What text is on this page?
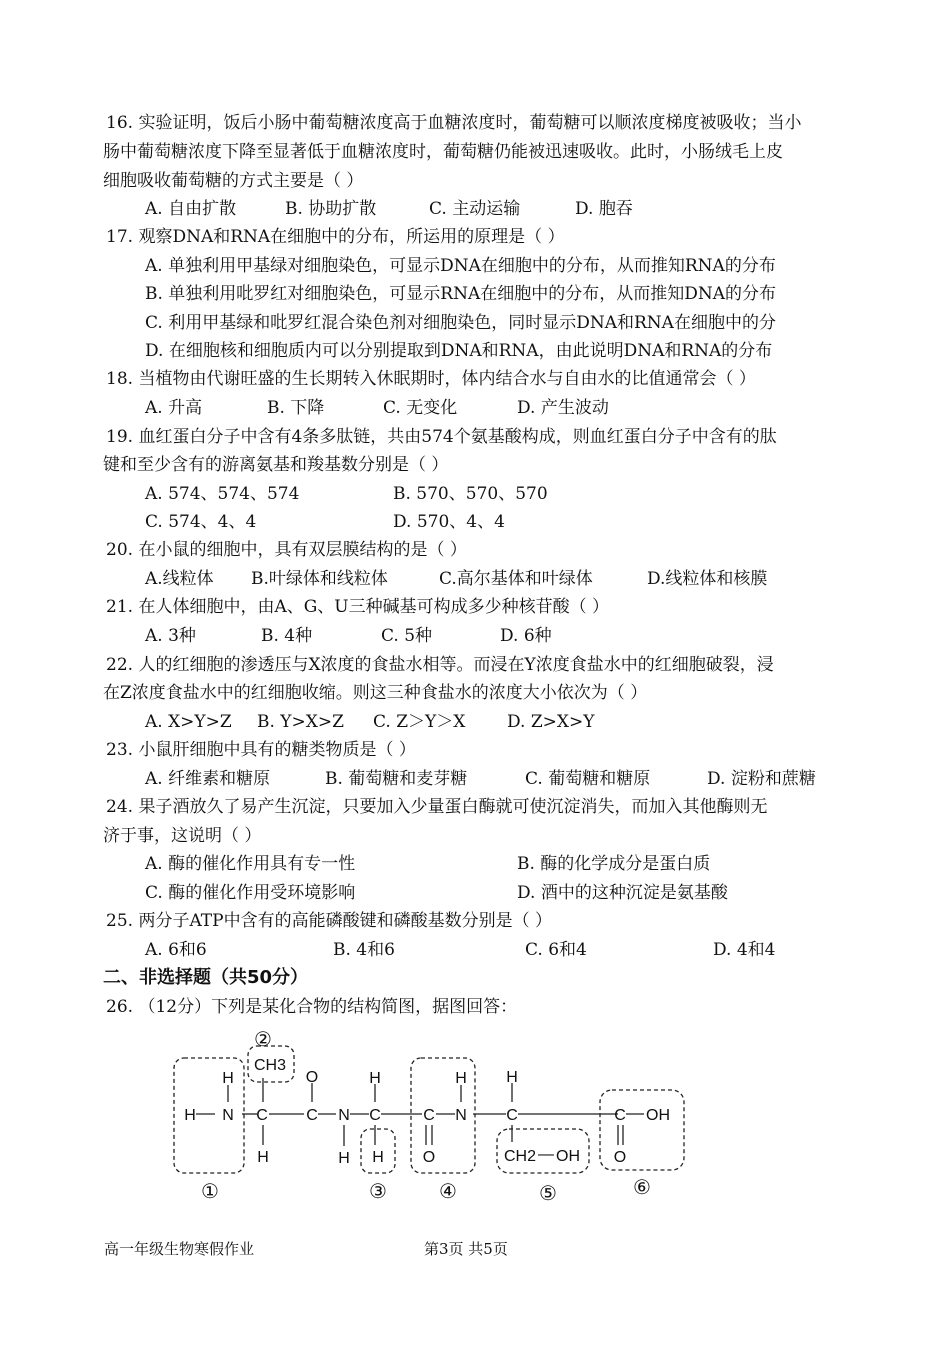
16. 实验证明，饭后小肠中葡萄糖浓度高于血糖浓度时，葡萄糖可以顺浓度梯度被吸收；当小
肠中葡萄糖浓度下降至显著低于血糖浓度时，葡萄糖仍能被迅速吸收。此时，小肠绒毛上皮
细胞吸收葡萄糖的方式主要是（ ）
A. 自由扩散	B. 协助扩散	C. 主动运输	D. 胞吞
17. 观察DNA和RNA在细胞中的分布，所运用的原理是（ ）
A. 单独利用甲基绿对细胞染色，可显示DNA在细胞中的分布，从而推知RNA的分布
B. 单独利用吡罗红对细胞染色，可显示RNA在细胞中的分布，从而推知DNA的分布
C. 利用甲基绿和吡罗红混合染色剂对细胞染色，同时显示DNA和RNA在细胞中的分
D. 在细胞核和细胞质内可以分别提取到DNA和RNA，由此说明DNA和RNA的分布
18. 当植物由代谢旺盛的生长期转入休眠期时，体内结合水与自由水的比值通常会（ ）
A. 升高	B. 下降	C. 无变化	D. 产生波动
19. 血红蛋白分子中含有4条多肽链，共由574个氨基酸构成，则血红蛋白分子中含有的肽
键和至少含有的游离氨基和羧基数分别是（ ）
A. 574、574、574	B. 570、570、570
C. 574、4、4	D. 570、4、4
20. 在小鼠的细胞中，具有双层膜结构的是（ ）
A.线粒体 B.叶绿体和线粒体	C.高尔基体和叶绿体	D.线粒体和核膜
21. 在人体细胞中，由A、G、U三种碱基可构成多少种核苷酸（ ）
A. 3种	B. 4种	C. 5种	D. 6种
22. 人的红细胞的渗透压与X浓度的食盐水相等。而浸在Y浓度食盐水中的红细胞破裂，浸
在Z浓度食盐水中的红细胞收缩。则这三种食盐水的浓度大小依次为（ ）
A. X>Y>Z B. Y>X>Z C. Z＞Y＞X D. Z>X>Y
23. 小鼠肝细胞中具有的糖类物质是（ ）
A. 纤维素和糖原	B. 葡萄糖和麦芽糖	C. 葡萄糖和糖原	D. 淀粉和蔗糖
24. 果子酒放久了易产生沉淀，只要加入少量蛋白酶就可使沉淀消失，而加入其他酶则无
济于事，这说明（ ）
A. 酶的催化作用具有专一性	B. 酶的化学成分是蛋白质
C. 酶的催化作用受环境影响	D. 酒中的这种沉淀是氨基酸
25. 两分子ATP中含有的高能磷酸键和磷酸基数分别是（ ）
A. 6和6	B. 4和6	C. 6和4	D. 4和4
二、非选择题（共50分）
26. （12分）下列是某化合物的结构简图，据图回答：
H
H N C
H
C
O
N
H
H
C
H
C
O
H
N
H
C	C OH
O
CH3
CH2 — OH
①
②
③	④	⑤	⑥
高一年级生物寒假作业	第3页 共5页
